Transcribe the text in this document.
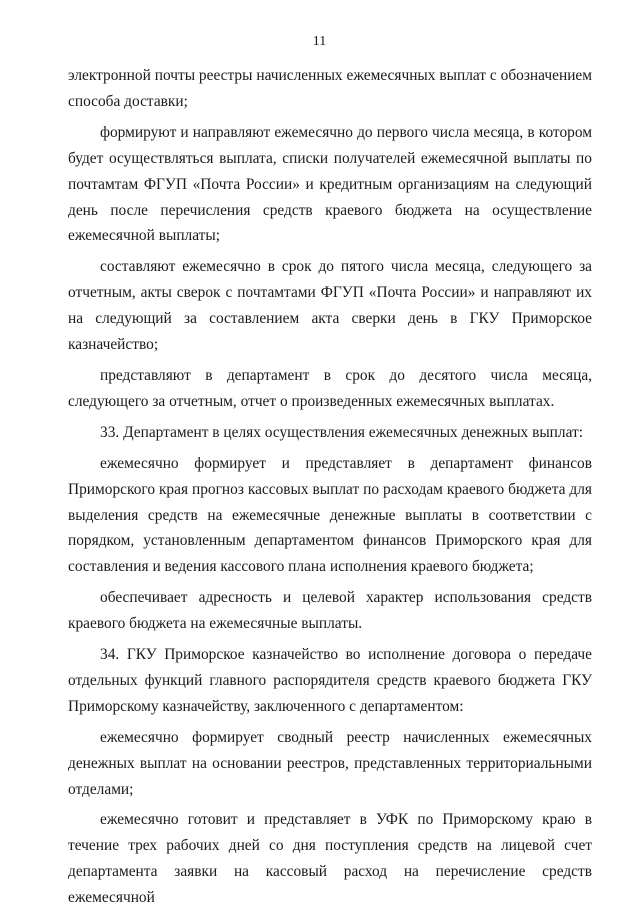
11

электронной почты реестры начисленных ежемесячных выплат с обозначением способа доставки;

формируют и направляют ежемесячно до первого числа месяца, в котором будет осуществляться выплата, списки получателей ежемесячной выплаты по почтамтам ФГУП «Почта России» и кредитным организациям на следующий день после перечисления средств краевого бюджета на осуществление ежемесячной выплаты;

составляют ежемесячно в срок до пятого числа месяца, следующего за отчетным, акты сверок с почтамтами ФГУП «Почта России» и направляют их на следующий за составлением акта сверки день в ГКУ Приморское казначейство;

представляют в департамент в срок до десятого числа месяца, следующего за отчетным, отчет о произведенных ежемесячных выплатах.

33. Департамент в целях осуществления ежемесячных денежных выплат:

ежемесячно формирует и представляет в департамент финансов Приморского края прогноз кассовых выплат по расходам краевого бюджета для выделения средств на ежемесячные денежные выплаты в соответствии с порядком, установленным департаментом финансов Приморского края для составления и ведения кассового плана исполнения краевого бюджета;

обеспечивает адресность и целевой характер использования средств краевого бюджета на ежемесячные выплаты.

34. ГКУ Приморское казначейство во исполнение договора о передаче отдельных функций главного распорядителя средств краевого бюджета ГКУ Приморскому казначейству, заключенного с департаментом:

ежемесячно формирует сводный реестр начисленных ежемесячных денежных выплат на основании реестров, представленных территориальными отделами;

ежемесячно готовит и представляет в УФК по Приморскому краю в течение трех рабочих дней со дня поступления средств на лицевой счет департамента заявки на кассовый расход на перечисление средств ежемесячной
